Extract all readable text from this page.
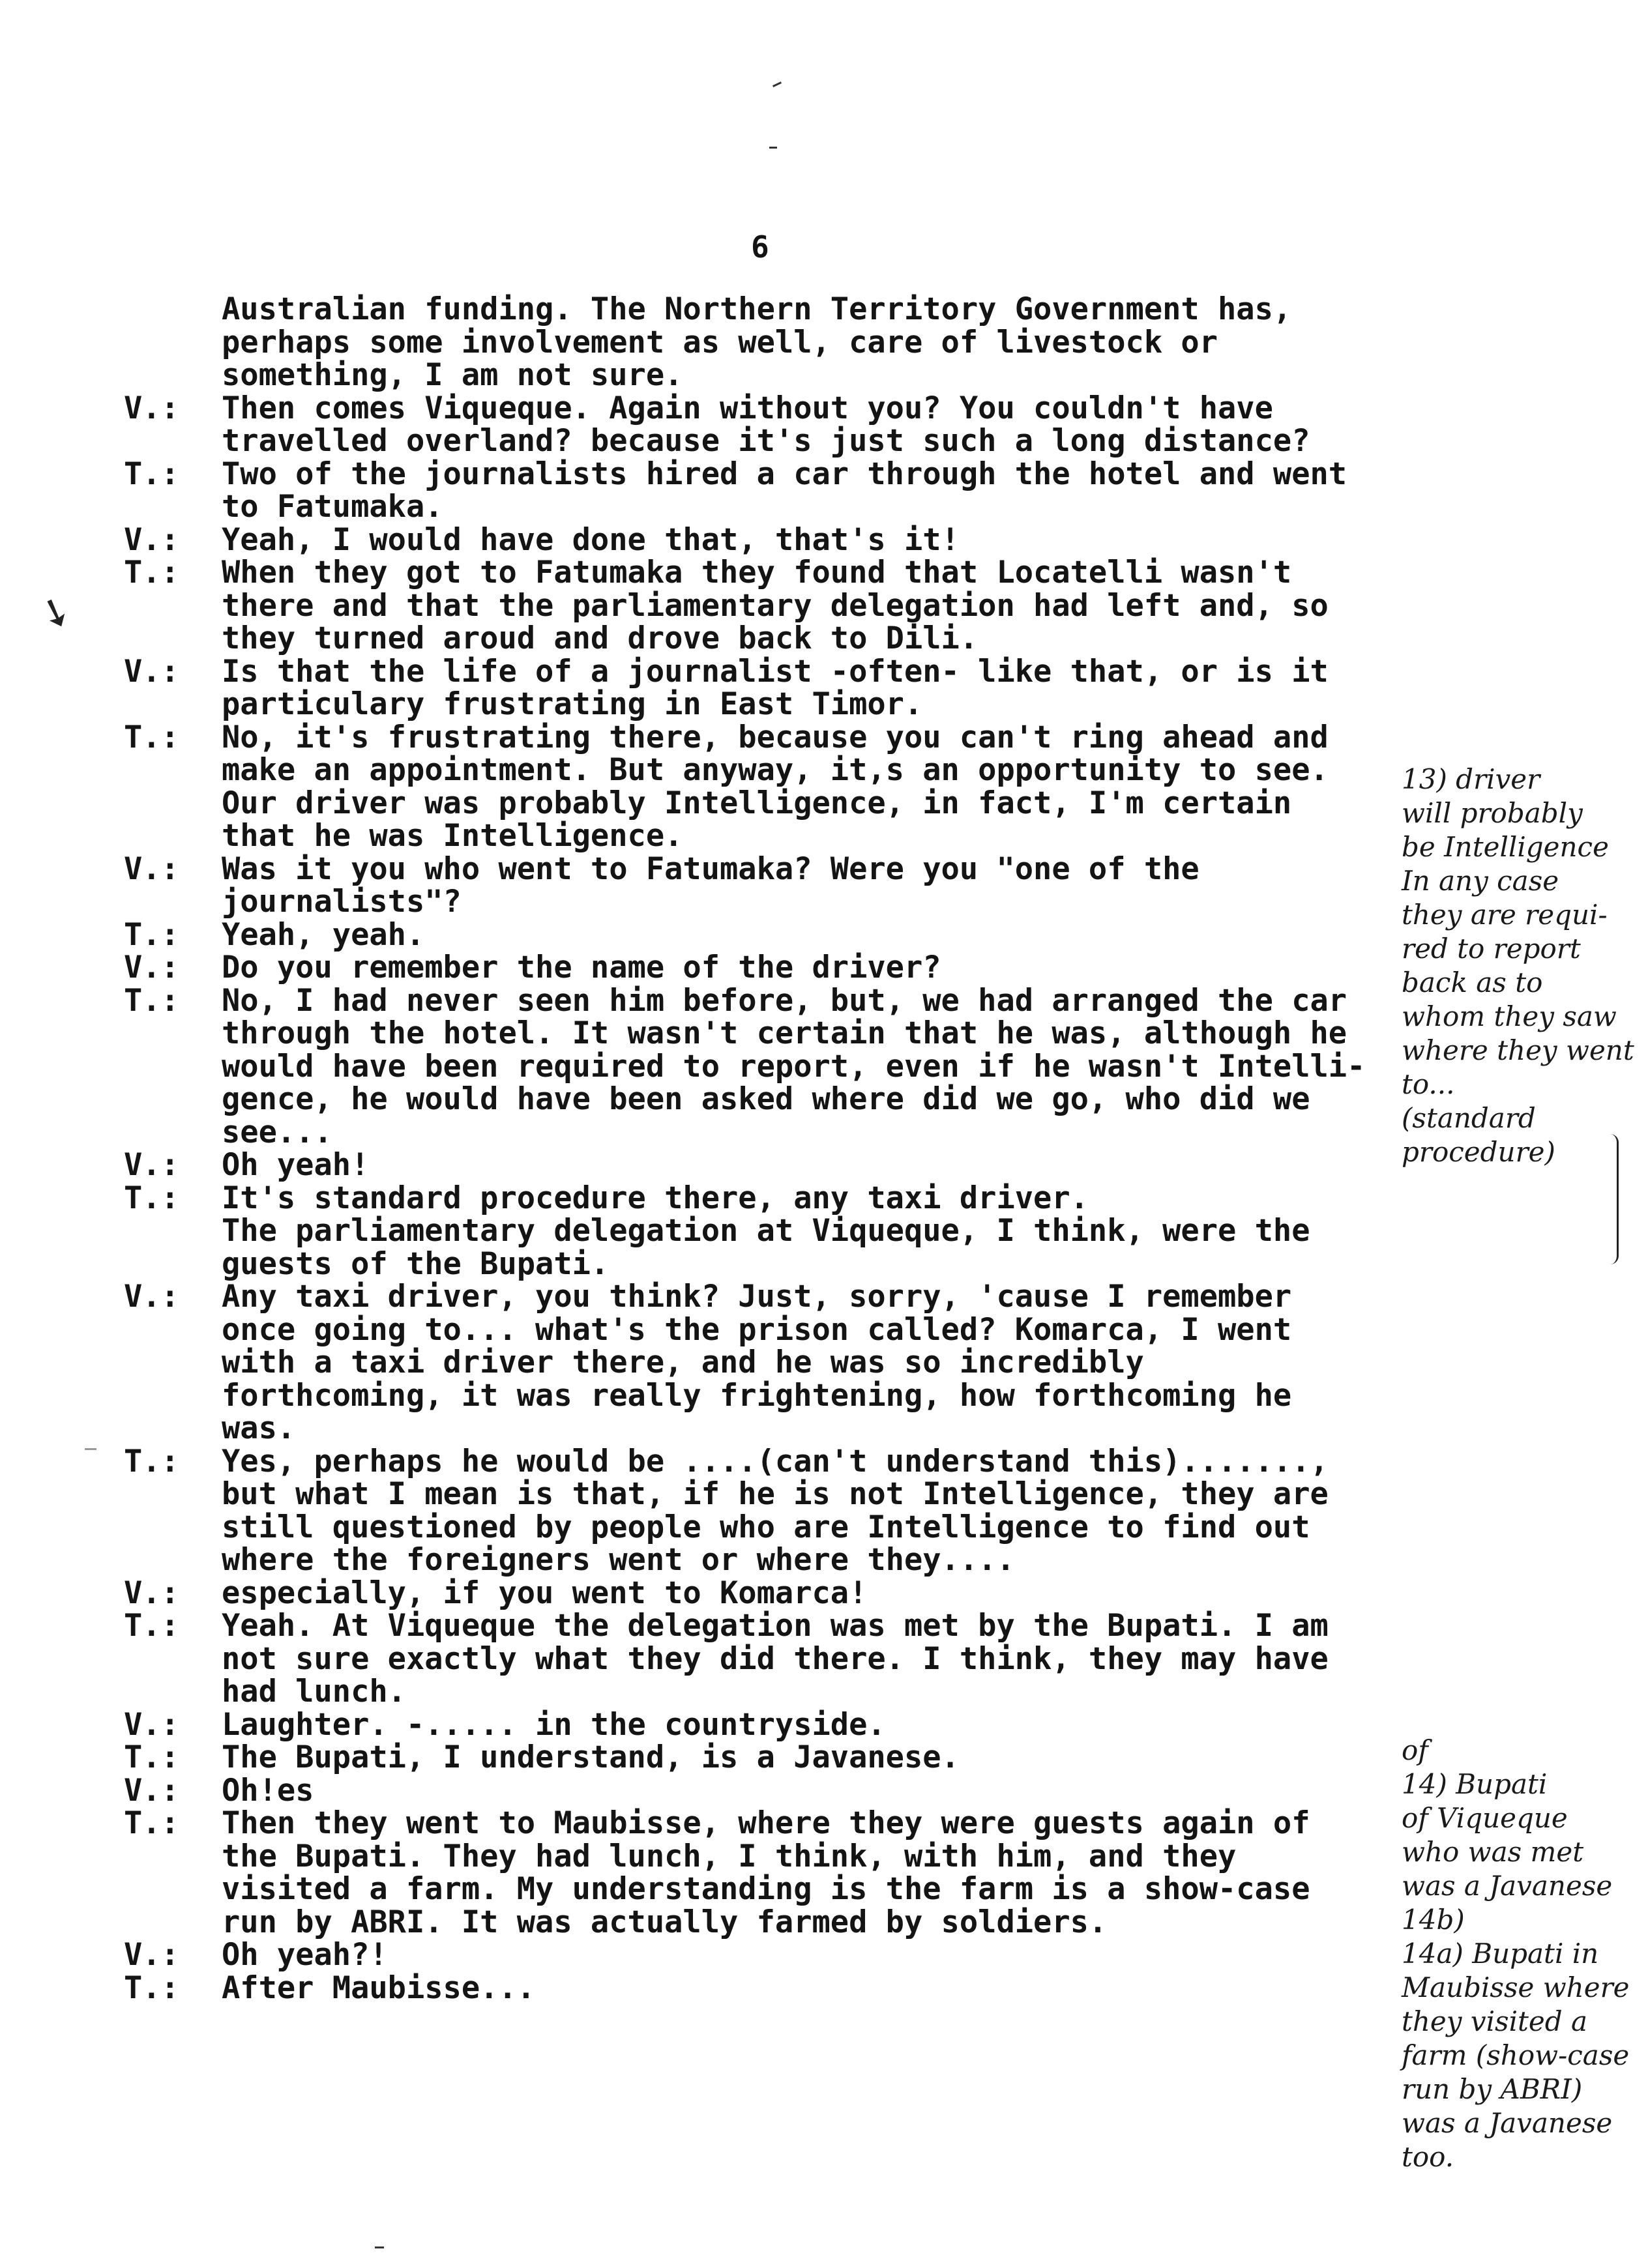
➘
6
Australian funding. The Northern Territory Government has,
perhaps some involvement as well, care of livestock or
something, I am not sure.
V.:	Then comes Viqueque. Again without you? You couldn't have
travelled overland? because it's just such a long distance?
T.:	Two of the journalists hired a car through the hotel and went
to Fatumaka.
V.:	Yeah, I would have done that, that's it!
T.:	When they got to Fatumaka they found that Locatelli wasn't
there and that the parliamentary delegation had left and, so
they turned aroud and drove back to Dili.
V.:	Is that the life of a journalist -often- like that, or is it
particulary frustrating in East Timor.
T.:	No, it's frustrating there, because you can't ring ahead and
make an appointment. But anyway, it,s an opportunity to see.
Our driver was probably Intelligence, in fact, I'm certain
that he was Intelligence.
V.:	Was it you who went to Fatumaka? Were you "one of the
journalists"?
T.:	Yeah, yeah.
V.:	Do you remember the name of the driver?
T.:	No, I had never seen him before, but, we had arranged the car
through the hotel. It wasn't certain that he was, although he
would have been required to report, even if he wasn't Intelli-
gence, he would have been asked where did we go, who did we
see...
V.:	Oh yeah!
T.:	It's standard procedure there, any taxi driver.
The parliamentary delegation at Viqueque, I think, were the
guests of the Bupati.
V.:	Any taxi driver, you think? Just, sorry, 'cause I remember
once going to... what's the prison called? Komarca, I went
with a taxi driver there, and he was so incredibly
forthcoming, it was really frightening, how forthcoming he
was.
T.:	Yes, perhaps he would be ....(can't understand this).......,
but what I mean is that, if he is not Intelligence, they are
still questioned by people who are Intelligence to find out
where the foreigners went or where they....
V.:	especially, if you went to Komarca!
T.:	Yeah. At Viqueque the delegation was met by the Bupati. I am
not sure exactly what they did there. I think, they may have
had lunch.
V.:	Laughter. -..... in the countryside.
T.:	The Bupati, I understand, is a Javanese.
V.:	Oh!es
T.:	Then they went to Maubisse, where they were guests again of
the Bupati. They had lunch, I think, with him, and they
visited a farm. My understanding is the farm is a show-case
run by ABRI. It was actually farmed by soldiers.
V.:	Oh yeah?!
T.:	After Maubisse...
13) driver
will probably
be Intelligence
In any case
they are requi-
red to report
back as to
whom they saw
where they went
to...
(standard
procedure)
of
14) Bupati
of Viqueque
who was met
was a Javanese
14b)
14a) Bupati in
Maubisse where
they visited a
farm (show-case
run by ABRI)
was a Javanese
too.
